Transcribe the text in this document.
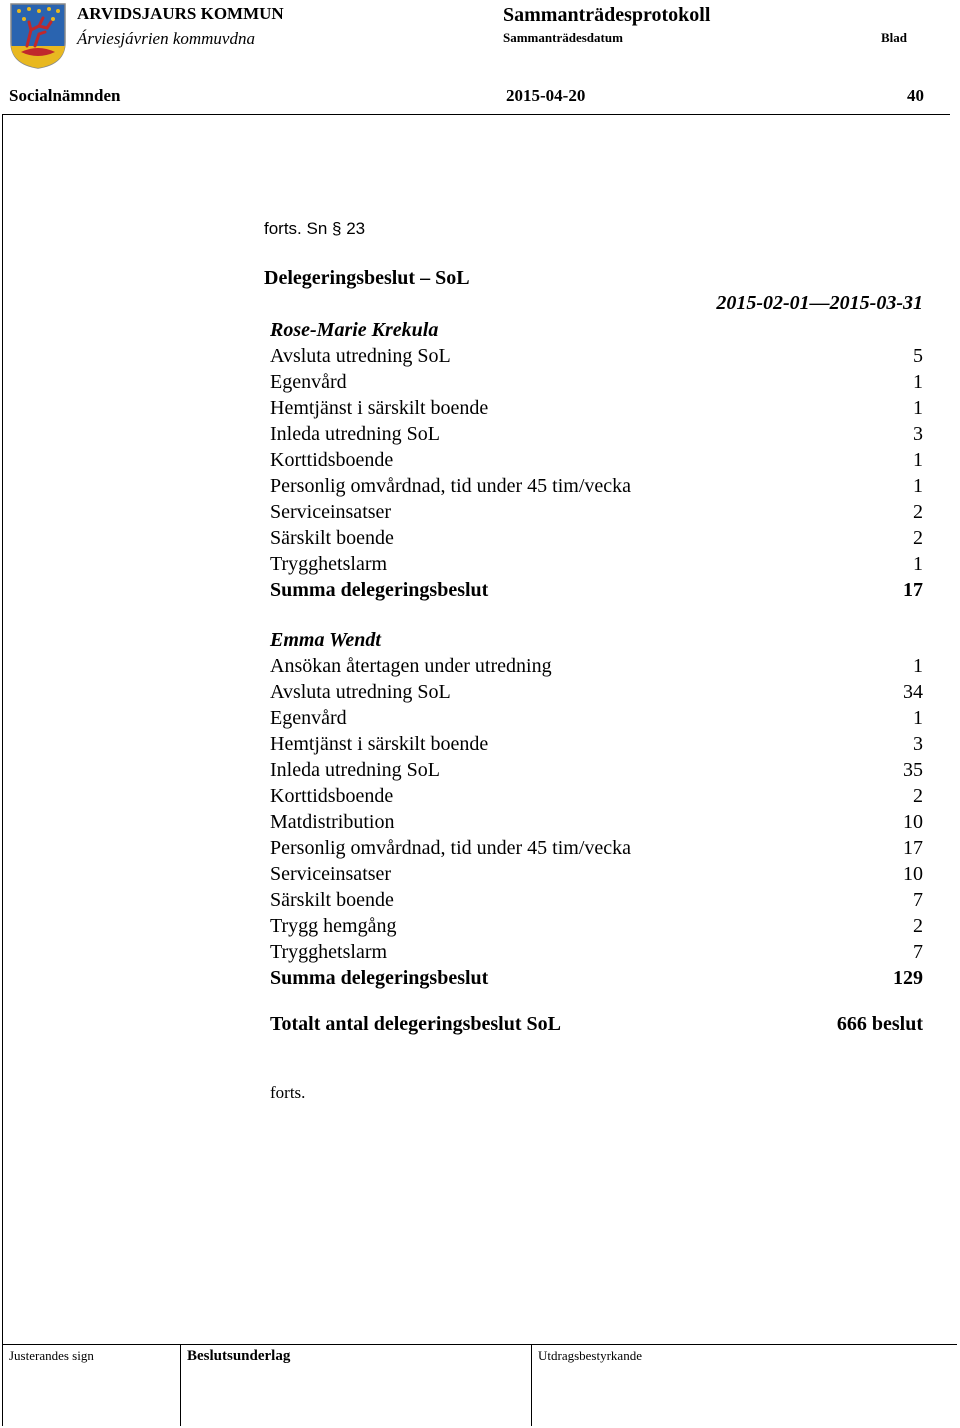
ARVIDSJAURS KOMMUN
Árviesjávrien kommuvdna
Sammanträdesprotokoll
Sammanträdesdatum	Blad
Socialnämnden	2015-04-20	40
forts. Sn § 23
Delegeringsbeslut – SoL
2015-02-01—2015-03-31
Rose-Marie Krekula
Avsluta utredning SoL	5
Egenvård	1
Hemtjänst i särskilt boende	1
Inleda utredning SoL	3
Korttidsboende	1
Personlig omvårdnad, tid under 45 tim/vecka	1
Serviceinsatser	2
Särskilt boende	2
Trygghetslarm	1
Summa delegeringsbeslut	17
Emma Wendt
Ansökan återtagen under utredning	1
Avsluta utredning SoL	34
Egenvård	1
Hemtjänst i särskilt boende	3
Inleda utredning SoL	35
Korttidsboende	2
Matdistribution	10
Personlig omvårdnad, tid under 45 tim/vecka	17
Serviceinsatser	10
Särskilt boende	7
Trygg hemgång	2
Trygghetslarm	7
Summa delegeringsbeslut	129
Totalt antal delegeringsbeslut SoL	666 beslut
forts.
Justerandes sign	Beslutsunderlag	Utdragsbestyrkande
